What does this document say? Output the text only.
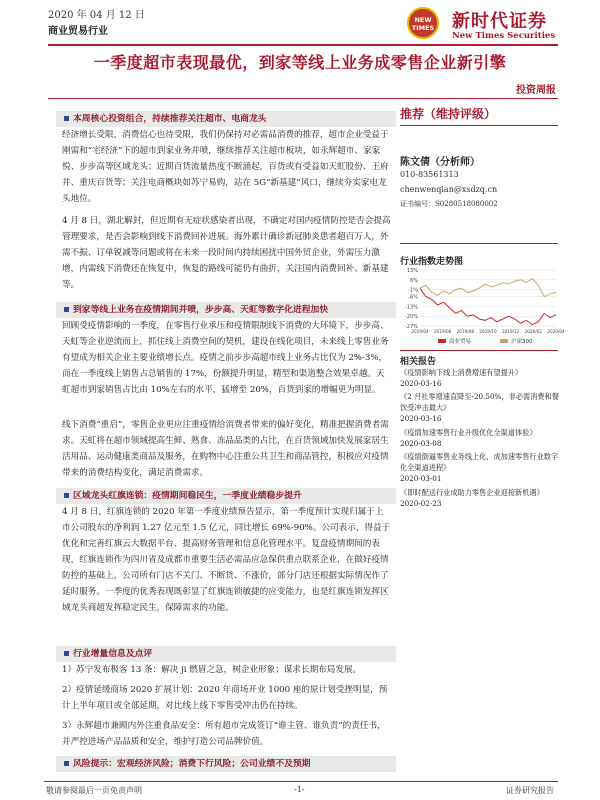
2020 年 04 月 12 日
商业贸易行业
NEW
TIMES 新时代证券
New Times Securities
一季度超市表现最优，到家等线上业务成零售企业新引擎
投资周报
本周核心投资组合，持续推荐关注超市、电商龙头
经济增长受限，消费信心也待受限，我们仍保持对必需品消费的推荐，超市企业受益于刚需和“宅经济”下的超市到家业务并喷，继续推荐关注超市板块，如永辉超市、家家悦、步步高等区域龙头；近期百货流量热度不断涌起，百货或有受益如天虹股份、王府井、重庆百货等；关注电商概块如苏宁易购，站在 5G“新基建”风口，继续夯实家电龙头地位。
4 月 8 日，湖北解封，但近期有无症状感染者出现，不确定对国内疫情防控是否会提高管理要求，是否会影响到线下消费回补进展。海外累计确诊新冠肺炎患者超百万人，外需不振、订单锐减等问题或将在未来一段时间内持续困扰中国外贸企业，外需压力激增，内需线下消费还在恢复中，恢复的路线可能仍有曲折，关注国内消费回补、新基建等。
到家等线上业务在疫情期间并喷，步步高、天虹等数字化进程加快
回顾受疫情影响的一季度，在零售行业承压和疫情限制线下消费的大环境下，步步高、天虹等企业逆流而上，抓住线上消费空间的契机，建设在线化项目，未来线上零售业务有望成为相关企业主要业绩增长点。疫情之前步步高超市线上业务占比仅为 2%-3%，而在一季度线上销售占总销售的 17%，份额提升明显，精型和渠道整合效果卓越。天虹超市到家销售占比由 10%左右的水平，猛增至 20%，百货到家的增幅更为明显。
线下消费“重启”，零售企业更应注重疫情给消费者带来的偏好变化，精准把握消费者需求。天虹将在超市领域提高生鲜、熟食、冻品品类的占比，在百货领域加快发展家居生活用品、运动健康类商品及服务，在购物中心注重公共卫生和商品管控，积极应对疫情带来的消费结构变化，满足消费需求。
区域龙头红旗连锁：疫情期间稳民生，一季度业绩稳步提升
4 月 8 日，红旗连锁的 2020 年第一季度业绩预告显示，第一季度预计实现归属于上市公司股东的净利润 1.27 亿元至 1.5 亿元，同比增长 69%-90%。公司表示，得益于优化和完善红旗云大数据平台、提高财务管理和信息化管理水平。复盘疫情期间的表现，红旗连锁作为四川省及成都市重要生活必需品应急保供重点联系企业，在做好疫情防控的基础上，公司所有门店不关门、不断货、不涨价，部分门店还根据实际情况作了延时服务。一季度的优秀表现既彰显了红旗连锁敏捷的应变能力，也是红旗连锁发挥区域龙头商超发挥稳定民生，保障需求的功能。
行业增量信息及点评
1）苏宁发布极客 13 条：解决 ji 燃眉之急，树企业形象；谋求长期布局发展。
2）疫情延缓商场 2020 扩展计划：2020 年商场开业 1000 座的原计划受挫明显，预计上半年项目或全部延期，对比线上线下零售受冲击仍在持续。
3）永辉超市兼顾内外注重食品安全：所有超市完成签订“谁主管、谁负责”的责任书，并严控进场产品品质和安全，维护打造公司品牌价值。
风险提示：宏观经济风险；消费下行风险；公司业绩不及预期
推荐（维持评级）
陈文倩（分析师）
010-83561313
chenwenqian@xsdzq.cn
证书编号：S0280518080002
行业指数走势图
13%
6%
-1%
-6%
-13%
-20%
-27%
2019/04 2019/06 2019/08 2019/10 2019/12 2020/02 2020/04
商业贸易	沪深300
相关报告
《疫情影响下线上消费增速有望提升》
2020-03-16
《2 月社零增速直降至-20.50%，非必需消费和餐饮受冲击最大》
2020-03-16
《疫情加速零售行业升级优化全渠道体验》
2020-03-08
《疫情倒逼零售业务线上化，成加速零售行业数字化全渠道进程》
2020-03-01
《即时配送行业成助力零售企业迎接新机遇》
2020-02-23
敬请参阅最后一页免责声明	-1-	证券研究报告
